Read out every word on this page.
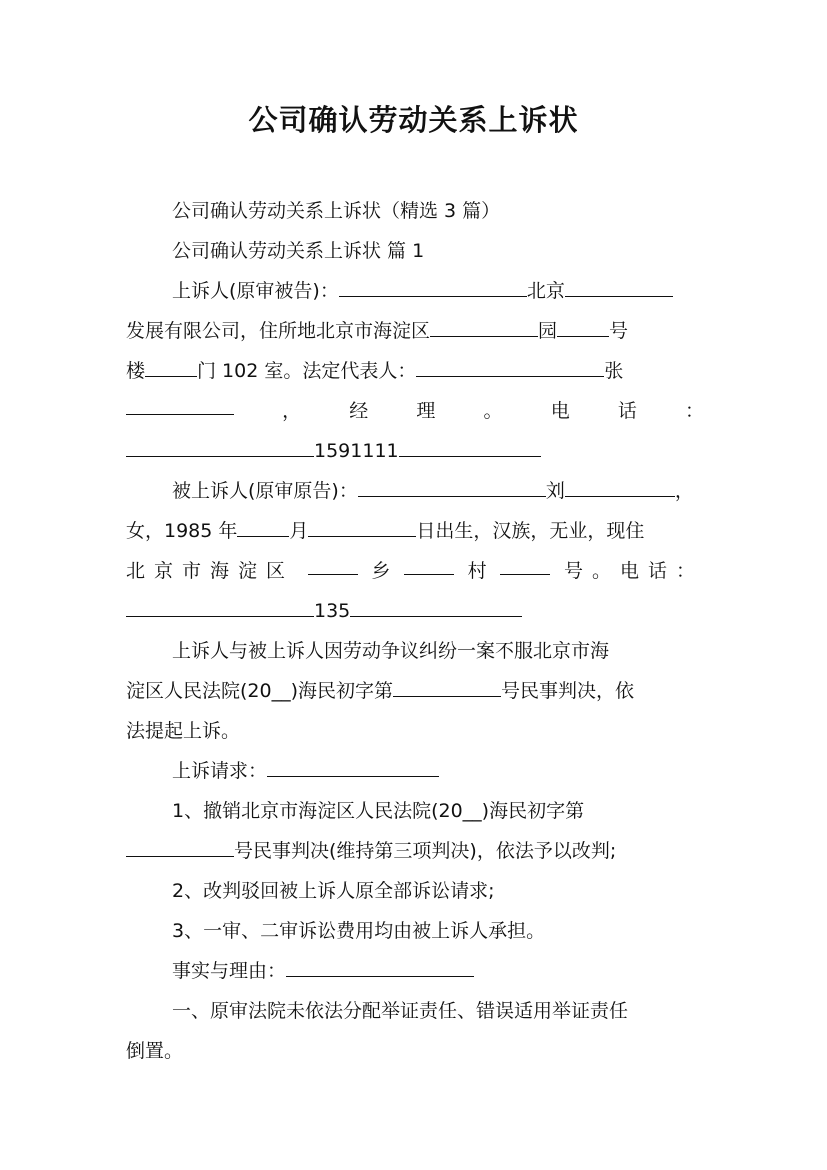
公司确认劳动关系上诉状
公司确认劳动关系上诉状（精选 3 篇）
公司确认劳动关系上诉状 篇 1
上诉人(原审被告)：	北京
发展有限公司，住所地北京市海淀区	园	号
楼	门 102 室。法定代表人：	张
，	经	理	。	电	话	：
1591111
被上诉人(原审原告)：	刘	，
女，1985 年	月	日出生，汉族，无业，现住
北京市海淀区	乡	村	号。电话：
135
上诉人与被上诉人因劳动争议纠纷一案不服北京市海
淀区人民法院(20__)海民初字第	号民事判决，依
法提起上诉。
上诉请求：
1、撤销北京市海淀区人民法院(20__)海民初字第
号民事判决(维持第三项判决)，依法予以改判;
2、改判驳回被上诉人原全部诉讼请求;
3、一审、二审诉讼费用均由被上诉人承担。
事实与理由：
一、原审法院未依法分配举证责任、错误适用举证责任
倒置。
